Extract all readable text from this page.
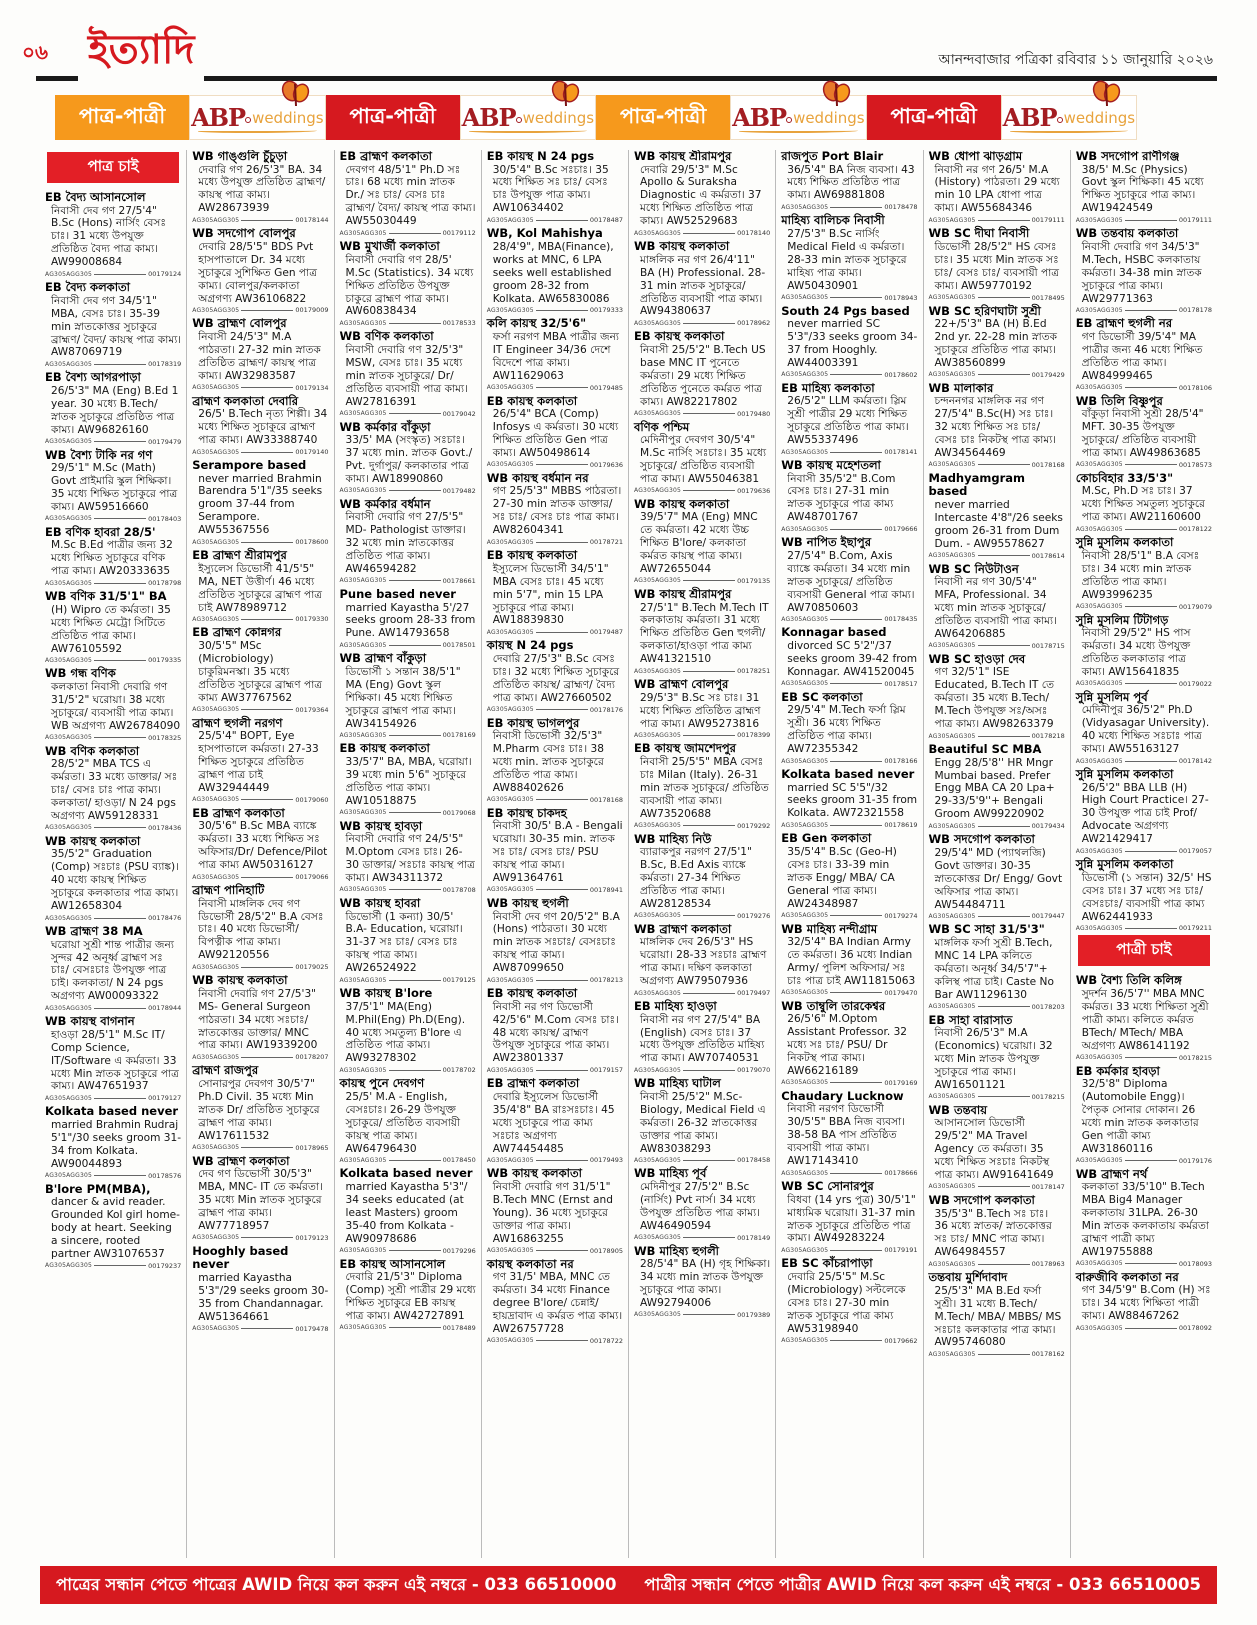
০৬ ইত্যাদি	আনন্দবাজার পত্রিকা রবিবার ১১ জানুয়ারি ২০২৬
পাত্র-পাত্রী ABP weddings পাত্র-পাত্রী ABP weddings পাত্র-পাত্রী ABP weddings পাত্র-পাত্রী ABP weddings
পাত্র চাই
EB বৈদ্য আসানসোল

নিবাসী দেব গণ 27/5'4" B.Sc (Hons) নার্সিং বেসঃ চাঃ। 31 মধ্যে উপযুক্ত প্রতিষ্ঠিত বৈদ্য পাত্র কাম্য। AW99008684

AG305AGG305	00179124
EB বৈদ্য কলকাতা

নিবাসী দেব গণ 34/5'1" MBA, বেসঃ চাঃ। 35-39 min স্নাতকোত্তর সুচাকুরে ব্রাহ্মণ/ বৈদ্য/ কায়স্থ পাত্র কাম্য। AW87069719

AG305AGG305	00178319
EB বৈশ্য আগরপাড়া

26/5'3" MA (Eng) B.Ed 1 year. 30 মধ্যে B.Tech/ স্নাতক সুচাকুরে প্রতিষ্ঠিত পাত্র কাম্য। AW96826160

AG305AGG305	00179479
WB বৈশ্য টাকি নর গণ

29/5'1" M.Sc (Math) Govt প্রাইমারি স্কুল শিক্ষিকা। 35 মধ্যে শিক্ষিত সুচাকুরে পাত্র কাম্য। AW59516660

AG305AGG305	00178403
EB বণিক হাবরা 28/5'

M.Sc B.Ed পাত্রীর জন্য 32 মধ্যে শিক্ষিত সুচাকুরে বণিক পাত্র কাম্য। AW20333635

AG305AGG305	00178798
WB বণিক 31/5'1" BA

(H) Wipro তে কর্মরতা। 35 মধ্যে শিক্ষিত মেট্রো সিটিতে প্রতিষ্ঠিত পাত্র কাম্য। AW76105592

AG305AGG305	00179335
WB গন্ধ বণিক

কলকাতা নিবাসী দেবারি গণ 31/5'2" ঘরোয়া। 38 মধ্যে সুচাকুরে/ ব্যবসায়ী পাত্র কাম্য। WB অগ্রগণ্য AW26784090

AG305AGG305	00178325
WB বণিক কলকাতা

28/5'2" MBA TCS এ কর্মরতা। 33 মধ্যে ডাক্তার/ সঃ চাঃ/ বেসঃ চাঃ পাত্র কাম্য। কলকাতা/ হাওড়া/ N 24 pgs অগ্রগণ্য AW59128331

AG305AGG305	00178436
WB কায়স্থ কলকাতা

35/5'2" Graduation (Comp) সঃচাঃ (PSU ব্যাঙ্ক)। 40 মধ্যে কায়স্থ শিক্ষিত সুচাকুরে কলকাতার পাত্র কাম্য। AW12658304

AG305AGG305	00178476
WB ব্রাহ্মণ 38 MA

ঘরোয়া সুশ্রী শান্ত পাত্রীর জন্য সুন্দর 42 অনূর্ধ্ব ব্রাহ্মণ সঃ চাঃ/ বেসঃচাঃ উপযুক্ত পাত্র চাই। কলকাতা/ N 24 pgs অগ্রগণ্য AW00093322

AG305AGG305	00178944
WB কায়স্থ বাগনান

হাওড়া 28/5'1" M.Sc IT/ Comp Science, IT/Software এ কর্মরতা। 33 মধ্যে Min স্নাতক সুচাকুরে পাত্র কাম্য। AW47651937

AG305AGG305	00179127
Kolkata based never

married Brahmin Rudraj 5'1"/30 seeks groom 31-34 from Kolkata. AW90044893

AG305AGG305	00178576
B'lore PM(MBA),

dancer & avid reader. Grounded Kol girl home-body at heart. Seeking a sincere, rooted partner AW31076537

AG305AGG305	00179237
WB গাঙ্গুলি চুঁচুড়া

দেবারি গণ 26/5'3" BA. 34 মধ্যে উপযুক্ত প্রতিষ্ঠিত ব্রাহ্মণ/ কায়স্থ পাত্র কাম্য। AW28673939

AG305AGG305	00178144
WB সদগোপ বোলপুর

দেবারি 28/5'5" BDS Pvt হাসপাতালে Dr. 34 মধ্যে সুচাকুরে সুশিক্ষিত Gen পাত্র কাম্য। বোলপুর/কলকাতা অগ্রগণ্য AW36106822

AG305AGG305	00179009
WB ব্রাহ্মণ বোলপুর

নিবাসী 24/5'3" M.A পাঠরতা। 27-32 min স্নাতক প্রতিষ্ঠিত ব্রাহ্মণ/ কায়স্থ পাত্র কাম্য। AW32983587

AG305AGG305	00179134
ব্রাহ্মণ কলকাতা দেবারি

26/5' B.Tech নৃত্য শিল্পী। 34 মধ্যে শিক্ষিত সুচাকুরে ব্রাহ্মণ পাত্র কাম্য। AW33388740

AG305AGG305	00179140
Serampore based

never married Brahmin Barendra 5'1"/35 seeks groom 37-44 from Serampore. AW55367556

AG305AGG305	00178600
EB ব্রাহ্মণ শ্রীরামপুর

ইস্যুলেস ডিভোর্সী 41/5'5" MA, NET উত্তীর্ণ। 46 মধ্যে প্রতিষ্ঠিত সুচাকুরে ব্রাহ্মণ পাত্র চাই AW78989712

AG305AGG305	00179330
EB ব্রাহ্মণ কোন্নগর

30/5'5" MSc (Microbiology) চাকুরিমনস্কা। 35 মধ্যে প্রতিষ্ঠিত সুচাকুরে ব্রাহ্মণ পাত্র কাম্য AW37767562

AG305AGG305	00179364
ব্রাহ্মণ হুগলী নরগণ

25/5'4" BOPT, Eye হাসপাতালে কর্মরতা। 27-33 শিক্ষিত সুচাকুরে প্রতিষ্ঠিত ব্রাহ্মণ পাত্র চাই AW32944449

AG305AGG305	00179060
EB ব্রাহ্মণ কলকাতা

30/5'6" B.Sc MBA ব্যাঙ্কে কর্মরতা। 33 মধ্যে শিক্ষিত সঃ অফিসার/Dr/ Defence/Pilot পাত্র কাম্য AW50316127

AG305AGG305	00179066
ব্রাহ্মণ পানিহাটি

নিবাসী মাঙ্গলিক দেব গণ ডিভোর্সী 28/5'2" B.A বেসঃ চাঃ। 40 মধ্যে ডিভোর্সী/ বিপত্নীক পাত্র কাম্য। AW92120556

AG305AGG305	00179025
WB কায়স্থ কলকাতা

নিবাসী দেবারি গণ 27/5'3" MS- General Surgeon পাঠরতা। 34 মধ্যে সঃচাঃ/স্নাতকোত্তর ডাক্তার/ MNC পাত্র কাম্য। AW19339200

AG305AGG305	00178207
ব্রাহ্মণ রাজপুর

সোনারপুর দেবগণ 30/5'7" Ph.D Civil. 35 মধ্যে Min স্নাতক Dr/ প্রতিষ্ঠিত সুচাকুরে ব্রাহ্মণ পাত্র কাম্য। AW17611532

AG305AGG305	00178965
WB ব্রাহ্মণ কলকাতা

দেব গণ ডিভোর্সী 30/5'3" MBA, MNC- IT তে কর্মরতা। 35 মধ্যে Min স্নাতক সুচাকুরে ব্রাহ্মণ পাত্র কাম্য।AW77718957

AG305AGG305	00179123
Hooghly based never

married Kayastha 5'3"/29 seeks groom 30-35 from Chandannagar. AW51364661

AG305AGG305	00179478
EB ব্রাহ্মণ কলকাতা

দেবগণ 48/5'1" Ph.D সঃ চাঃ। 68 মধ্যে min স্নাতক Dr./ সঃ চাঃ/ বেসঃ চাঃ ব্রাহ্মণ/ বৈদ্য/ কায়স্থ পাত্র কাম্য। AW55030449

AG305AGG305	00179112
WB মুখার্জী কলকাতা

নিবাসী দেবারি গণ 28/5' M.Sc (Statistics). 34 মধ্যে শিক্ষিত প্রতিষ্ঠিত উপযুক্ত চাকুরে ব্রাহ্মণ পাত্র কাম্য। AW60838434

AG305AGG305	00178533
WB বণিক কলকাতা

নিবাসী দেবারি গণ 32/5'3" MSW, বেসঃ চাঃ। 35 মধ্যে min স্নাতক সুচাকুরে/ Dr/ প্রতিষ্ঠিত ব্যবসায়ী পাত্র কাম্য। AW27816391

AG305AGG305	00179042
WB কর্মকার বাঁকুড়া

33/5' MA (সংস্কৃত) সঃচাঃ। 37 মধ্যে min. স্নাতক Govt./ Pvt. দুর্গাপুর/ কলকাতার পাত্র কাম্য। AW18990860

AG305AGG305	00179482
WB কর্মকার বর্ধমান

নিবাসী দেবারি গণ 27/5'5" MD- Pathologist ডাক্তার। 32 মধ্যে min স্নাতকোত্তর প্রতিষ্ঠিত পাত্র কাম্য। AW46594282

AG305AGG305	00178661
Pune based never

married Kayastha 5'/27 seeks groom 28-33 from Pune. AW14793658

AG305AGG305	00178501
WB ব্রাহ্মণ বাঁকুড়া

ডিভোর্সী ১ সন্তান 38/5'1" MA (Eng) Govt স্কুল শিক্ষিকা। 45 মধ্যে শিক্ষিত সুচাকুরে ব্রাহ্মণ পাত্র কাম্য। AW34154926

AG305AGG305	00178169
EB কায়স্থ কলকাতা

33/5'7" BA, MBA, ঘরোয়া। 39 মধ্যে min 5'6" সুচাকুরে প্রতিষ্ঠিত পাত্র কাম্য। AW10518875

AG305AGG305	00179068
WB কায়স্থ হাবড়া

নিবাসী দেবারি গণ 24/5'5" M.Optom বেসঃ চাঃ। 26-30 ডাক্তার/ সঃচাঃ কায়স্থ পাত্র কাম্য। AW34311372

AG305AGG305	00178708
WB কায়স্থ হাবরা

ডিভোর্সী (1 কন্যা) 30/5' B.A- Education, ঘরোয়া। 31-37 সঃ চাঃ/ বেসঃ চাঃ কায়স্থ পাত্র কাম্য। AW26524922

AG305AGG305	00179125
WB কায়স্থ B'lore

37/5'1" MA(Eng) M.Phil(Eng) Ph.D(Eng). 40 মধ্যে সমতুল্য B'lore এ প্রতিষ্ঠিত পাত্র কাম্য। AW93278302

AG305AGG305	00178702
কায়স্থ পুনে দেবগণ

25/5' M.A - English, বেসঃচাঃ। 26-29 উপযুক্ত সুচাকুরে/ প্রতিষ্ঠিত ব্যবসায়ী কায়স্থ পাত্র কাম্য। AW64796430

AG305AGG305	00178450
Kolkata based never

married Kayastha 5'3"/ 34 seeks educated (at least Masters) groom 35-40 from Kolkata - AW90978686

AG305AGG305	00179296
EB কায়স্থ আসানসোল

দেবারি 21/5'3" Diploma (Comp) সুশ্রী পাত্রীর 29 মধ্যে শিক্ষিত সুচাকুরে EB কায়স্থ পাত্র কাম্য। AW42727891

AG305AGG305	00178489
EB কায়স্থ N 24 pgs

30/5'4" B.Sc সঃচাঃ। 35 মধ্যে শিক্ষিত সঃ চাঃ/ বেসঃ চাঃ উপযুক্ত পাত্র কাম্য। AW10634402

AG305AGG305	00178487
WB, Kol Mahishya

28/4'9", MBA(Finance), works at MNC, 6 LPA seeks well established groom 28-32 from Kolkata. AW65830086

AG305AGG305	00179333
কলি কায়স্থ 32/5'6"

ফর্সা নরগণ MBA পাত্রীর জন্য IT Engineer 34/36 দেশে বিদেশে পাত্র কাম্য। AW11629063

AG305AGG305	00179485
EB কায়স্থ কলকাতা

26/5'4" BCA (Comp) Infosys এ কর্মরতা। 30 মধ্যে শিক্ষিত প্রতিষ্ঠিত Gen পাত্র কাম্য। AW50498614

AG305AGG305	00179636
WB কায়স্থ বর্ধমান নর

গণ 25/5'3" MBBS পাঠরতা। 27-30 min স্নাতক ডাক্তার/ সঃ চাঃ/ বেসঃ চাঃ পাত্র কাম্য। AW82604341

AG305AGG305	00178721
EB কায়স্থ কলকাতা

ইস্যুলেস ডিভোর্সী 34/5'1" MBA বেসঃ চাঃ। 45 মধ্যে min 5'7", min 15 LPA সুচাকুরে পাত্র কাম্য। AW18839830

AG305AGG305	00179487
কায়স্থ N 24 pgs

দেবারি 27/5'3" B.Sc বেসঃ চাঃ। 32 মধ্যে শিক্ষিত সুচাকুরে প্রতিষ্ঠিত কায়স্থ/ ব্রাহ্মণ/ বৈদ্য পাত্র কাম্য। AW27660502

AG305AGG305	00178176
EB কায়স্থ ভাগলপুর

নিবাসী ডিভোর্সী 32/5'3" M.Pharm বেসঃ চাঃ। 38 মধ্যে min. স্নাতক সুচাকুরে প্রতিষ্ঠিত পাত্র কাম্য। AW88402626

AG305AGG305	00178168
EB কায়স্থ চাকদহ

নিবাসী 30/5' B.A - Bengali ঘরোয়া। 30-35 min. স্নাতক সঃ চাঃ/ বেসঃ চাঃ/ PSU কায়স্থ পাত্র কাম্য। AW91364761

AG305AGG305	00178941
WB কায়স্থ হুগলী

নিবাসী দেব গণ 20/5'2" B.A (Hons) পাঠরতা। 30 মধ্যে min স্নাতক সঃচাঃ/ বেসঃচাঃ কায়স্থ পাত্র কাম্য। AW87099650

AG305AGG305	00178213
EB কায়স্থ কলকাতা

নিবাসী নর গণ ডিভোর্সী 42/5'6" M.Com বেসঃ চাঃ। 48 মধ্যে কায়স্থ/ ব্রাহ্মণ উপযুক্ত সুচাকুরে পাত্র কাম্য। AW23801337

AG305AGG305	00179157
EB ব্রাহ্মণ কলকাতা

দেবারি ইস্যুলেস ডিভোর্সী 35/4'8" BA রাঃসঃচাঃ। 45 মধ্যে সুচাকুরে পাত্র কাম্য সঃচাঃ অগ্রগণ্য AW74454485

AG305AGG305	00179493
WB কায়স্থ কলকাতা

নিবাসী দেবারি গণ 31/5'1" B.Tech MNC (Ernst and Young). 36 মধ্যে সুচাকুরে ডাক্তার পাত্র কাম্য। AW16863255

AG305AGG305	00178905
কায়স্থ কলকাতা নর

গণ 31/5' MBA, MNC তে কর্মরতা। 34 মধ্যে Finance degree B'lore/ চেন্নাই/ হায়দ্রাবাদ এ কর্মরত পাত্র কাম্য। AW26757728

AG305AGG305	00178722
WB কায়স্থ শ্রীরামপুর

দেবারি 29/5'3" M.Sc Apollo & Suraksha Diagnostic এ কর্মরতা। 37 মধ্যে শিক্ষিত প্রতিষ্ঠিত পাত্র কাম্য। AW52529683

AG305AGG305	00178140
WB কায়স্থ কলকাতা

মাঙ্গলিক নর গণ 26/4'11" BA (H) Professional. 28-31 min স্নাতক সুচাকুরে/ প্রতিষ্ঠিত ব্যবসায়ী পাত্র কাম্য। AW94380637

AG305AGG305	00178962
EB কায়স্থ কলকাতা

নিবাসী 25/5'2" B.Tech US base MNC IT পুনেতে কর্মরতা। 29 মধ্যে শিক্ষিত প্রতিষ্ঠিত পুনেতে কর্মরত পাত্র কাম্য। AW82217802

AG305AGG305	00179480
বণিক পশ্চিম

মেদিনীপুর দেবগণ 30/5'4" M.Sc নার্সিং সঃচাঃ। 35 মধ্যে সুচাকুরে/ প্রতিষ্ঠিত ব্যবসায়ী পাত্র কাম্য। AW55046381

AG305AGG305	00179636
WB কায়স্থ কলকাতা

39/5'7" MA (Eng) MNC তে কর্মরতা। 42 মধ্যে উচ্চ শিক্ষিত B'lore/ কলকাতা কর্মরত কায়স্থ পাত্র কাম্য। AW72655044

AG305AGG305	00179135
WB কায়স্থ শ্রীরামপুর

27/5'1" B.Tech M.Tech IT কলকাতায় কর্মরতা। 31 মধ্যে শিক্ষিত প্রতিষ্ঠিত Gen হুগলী/কলকাতা/হাওড়া পাত্র কাম্য AW41321510

AG305AGG305	00178251
WB ব্রাহ্মণ বোলপুর

29/5'3" B.Sc সঃ চাঃ। 31 মধ্যে শিক্ষিত প্রতিষ্ঠিত ব্রাহ্মণ পাত্র কাম্য। AW95273816

AG305AGG305	00178399
EB কায়স্থ জামশেদপুর

নিবাসী 25/5'5" MBA বেসঃ চাঃ Milan (Italy). 26-31 min স্নাতক সুচাকুরে/ প্রতিষ্ঠিত ব্যবসায়ী পাত্র কাম্য। AW73520688

AG305AGG305	00179292
WB মাহিষ্য নিউ

ব্যারাকপুর নরগণ 27/5'1" B.Sc, B.Ed Axis ব্যাঙ্কে কর্মরতা। 27-34 শিক্ষিত প্রতিষ্ঠিত পাত্র কাম্য। AW28128534

AG305AGG305	00179276
WB ব্রাহ্মণ কলকাতা

মাঙ্গলিক দেব 26/5'3" HS ঘরোয়া। 28-33 সঃচাঃ ব্রাহ্মণ পাত্র কাম্য। দক্ষিণ কলকাতা অগ্রগণ্য AW79507936

AG305AGG305	00179497
EB মাহিষ্য হাওড়া

নিবাসী নর গণ 27/5'4" BA (English) বেসঃ চাঃ। 37 মধ্যে উপযুক্ত প্রতিষ্ঠিত মাহিষ্য পাত্র কাম্য। AW70740531

AG305AGG305	00179070
WB মাহিষ্য ঘাটাল

নিবাসী 25/5'2" M.Sc- Biology, Medical Field এ কর্মরতা। 26-32 স্নাতকোত্তর ডাক্তার পাত্র কাম্য। AW83038293

AG305AGG305	00178458
WB মাহিষ্য পূর্ব

মেদিনীপুর 27/5'2" B.Sc (নার্সিং) Pvt নার্স। 34 মধ্যে উপযুক্ত প্রতিষ্ঠিত পাত্র কাম্য। AW46490594

AG305AGG305	00178149
WB মাহিষ্য হুগলী

28/5'4" BA (H) গৃহ শিক্ষিকা। 34 মধ্যে min স্নাতক উপযুক্ত সুচাকুরে পাত্র কাম্য। AW92794006

AG305AGG305	00179389
রাজপুত Port Blair

36/5'4" BA নিজ ব্যবসা। 43 মধ্যে শিক্ষিত প্রতিষ্ঠিত পাত্র কাম্য। AW69881808

AG305AGG305	00178478
মাহিষ্য বালিচক নিবাসী

27/5'3" B.Sc নার্সিং Medical Field এ কর্মরতা। 28-33 min স্নাতক সুচাকুরে মাহিষ্য পাত্র কাম্য। AW50430901

AG305AGG305	00178943
South 24 Pgs based

never married SC 5'3"/33 seeks groom 34-37 from Hooghly. AW44003391

AG305AGG305	00178602
EB মাহিষ্য কলকাতা

26/5'2" LLM কর্মরতা। স্লিম সুশ্রী পাত্রীর 29 মধ্যে শিক্ষিত সুচাকুরে প্রতিষ্ঠিত পাত্র কাম্য। AW55337496

AG305AGG305	00178141
WB কায়স্থ মহেশতলা

নিবাসী 35/5'2" B.Com বেসঃ চাঃ। 27-31 min স্নাতক সুচাকুরে পাত্র কাম্য AW48701767

AG305AGG305	00179666
WB নাপিত ইছাপুর

27/5'4" B.Com, Axis ব্যাঙ্কে কর্মরতা। 34 মধ্যে min স্নাতক সুচাকুরে/ প্রতিষ্ঠিত ব্যবসায়ী General পাত্র কাম্য। AW70850603

AG305AGG305	00178435
Konnagar based

divorced SC 5'2"/37 seeks groom 39-42 from Konnagar. AW41520045

AG305AGG305	00178517
EB SC কলকাতা

29/5'4" M.Tech ফর্সা স্লিম সুশ্রী। 36 মধ্যে শিক্ষিত প্রতিষ্ঠিত পাত্র কাম্য। AW72355342

AG305AGG305	00178166
Kolkata based never

married SC 5'5"/32 seeks groom 31-35 from Kolkata. AW72321558

AG305AGG305	00178619
EB Gen কলকাতা

35/5'4" B.Sc (Geo-H) বেসঃ চাঃ। 33-39 min স্নাতক Engg/ MBA/ CA General পাত্র কাম্য। AW24348987

AG305AGG305	00179274
WB মাহিষ্য নন্দীগ্রাম

32/5'4" BA Indian Army তে কর্মরতা। 36 মধ্যে Indian Army/ পুলিশ অফিসার/ সঃ চাঃ পাত্র চাই AW11815063

AG305AGG305	00179470
WB তাম্বুলি তারকেশ্বর

26/5'6" M.Optom Assistant Professor. 32 মধ্যে সঃ চাঃ/ PSU/ Dr নিকটস্থ পাত্র কাম্য। AW66216189

AG305AGG305	00179169
Chaudary Lucknow

নিবাসী নরগণ ডিভোর্সী 30/5'5" BBA নিজ ব্যবসা। 38-58 BA পাস প্রতিষ্ঠিত ব্যবসায়ী পাত্র কাম্য। AW17143410

AG305AGG305	00178666
WB SC সোনারপুর

বিধবা (14 yrs পুত্র) 30/5'1" মাধ্যমিক ঘরোয়া। 31-37 min স্নাতক সুচাকুরে প্রতিষ্ঠিত পাত্র কাম্য। AW49283224

AG305AGG305	00179191
EB SC কাঁচরাপাড়া

দেবারি 25/5'5" M.Sc (Microbiology) সল্টলেকে বেসঃ চাঃ। 27-30 min স্নাতক সুচাকুরে পাত্র কাম্য AW53198940

AG305AGG305	00179662
WB ধোপা ঝাড়গ্রাম

নিবাসী নর গণ 26/5' M.A (History) পাঠরতা। 29 মধ্যে min 10 LPA ধোপা পাত্র কাম্য। AW55684346

AG305AGG305	00179111
WB SC দীঘা নিবাসী

ডিভোর্সী 28/5'2" HS বেসঃ চাঃ। 35 মধ্যে Min স্নাতক সঃ চাঃ/ বেসঃ চাঃ/ ব্যবসায়ী পাত্র কাম্য। AW59770192

AG305AGG305	00178495
WB SC হরিণঘাটা সুশ্রী

22+/5'3" BA (H) B.Ed 2nd yr. 22-28 min স্নাতক সুচাকুরে প্রতিষ্ঠিত পাত্র কাম্য। AW38560899

AG305AGG305	00179429
WB মালাকার

চন্দননগর মাঙ্গলিক নর গণ 27/5'4" B.Sc(H) সঃ চাঃ। 32 মধ্যে শিক্ষিত সঃ চাঃ/ বেসঃ চাঃ নিকটস্থ পাত্র কাম্য। AW34564469

AG305AGG305	00178168
Madhyamgram based

never married Intercaste 4'8"/26 seeks groom 26-31 from Dum Dum. - AW95578627

AG305AGG305	00178614
WB SC নিউটাওন

নিবাসী নর গণ 30/5'4" MFA, Professional. 34 মধ্যে min স্নাতক সুচাকুরে/ প্রতিষ্ঠিত ব্যবসায়ী পাত্র কাম্য। AW64206885

AG305AGG305	00178715
WB SC হাওড়া দেব

গণ 32/5'1" ISE Educated, B.Tech IT তে কর্মরতা। 35 মধ্যে B.Tech/ M.Tech উপযুক্ত সঃ/অসঃ পাত্র কাম্য। AW98263379

AG305AGG305	00178218
Beautiful SC MBA

Engg 28/5'8'' HR Mngr Mumbai based. Prefer Engg MBA CA 20 Lpa+ 29-33/5'9''+ Bengali Groom AW99220902

AG305AGG305	00179434
WB সদগোপ কলকাতা

29/5'4" MD (প্যাথলজি) Govt ডাক্তার। 30-35 স্নাতকোত্তর Dr/ Engg/ Govt অফিসার পাত্র কাম্য। AW54484711

AG305AGG305	00179447
WB SC সাহা 31/5'3"

মাঙ্গলিক ফর্সা সুশ্রী B.Tech, MNC 14 LPA কলিতে কর্মরতা। অনূর্ধ্ব 34/5'7"+ কলিস্থ পাত্র চাই। Caste No Bar AW11296130

AG305AGG305	00178203
EB সাহা বারাসাত

নিবাসী 26/5'3" M.A (Economics) ঘরোয়া। 32 মধ্যে Min স্নাতক উপযুক্ত সুচাকুরে পাত্র কাম্য। AW16501121

AG305AGG305	00178215
WB তন্তবায়

আসানসোল ডিভোর্সী 29/5'2" MA Travel Agency তে কর্মরতা। 35 মধ্যে শিক্ষিত সঃচাঃ নিকটস্থ পাত্র কাম্য। AW91641649

AG305AGG305	00178147
WB সদগোপ কলকাতা

35/5'3" B.Tech সঃ চাঃ। 36 মধ্যে স্নাতক/ স্নাতকোত্তর সঃ চাঃ/ MNC পাত্র কাম্য। AW64984557

AG305AGG305	00178963
তন্তবায় মুর্শিদাবাদ

25/5'3" MA B.Ed ফর্সা সুশ্রী। 31 মধ্যে B.Tech/ M.Tech/ MBA/ MBBS/ MS সঃচাঃ কলকাতার পাত্র কাম্য। AW95746080

AG305AGG305	00178162
WB সদগোপ রাণীগঞ্জ

38/5' M.Sc (Physics) Govt স্কুল শিক্ষিকা। 45 মধ্যে শিক্ষিত সুচাকুরে পাত্র কাম্য। AW19424549

AG305AGG305	00179111
WB তন্তবায় কলকাতা

নিবাসী দেবারি গণ 34/5'3" M.Tech, HSBC কলকাতায় কর্মরতা। 34-38 min স্নাতক সুচাকুরে পাত্র কাম্য। AW29771363

AG305AGG305	00178178
EB ব্রাহ্মণ হুগলী নর

গণ ডিভোর্সী 39/5'4" MA পাত্রীর জন্য 46 মধ্যে শিক্ষিত প্রতিষ্ঠিত পাত্র কাম্য। AW84999465

AG305AGG305	00178106
WB তিলি বিষ্ণুপুর

বাঁকুড়া নিবাসী সুশ্রী 28/5'4" MFT. 30-35 উপযুক্ত সুচাকুরে/ প্রতিষ্ঠিত ব্যবসায়ী পাত্র কাম্য। AW49863685

AG305AGG305	00178573
কোচবিহার 33/5'3"

M.Sc, Ph.D সঃ চাঃ। 37 মধ্যে শিক্ষিত সমতুল্য সুচাকুরে পাত্র কাম্য। AW21160600

AG305AGG305	00178122
সুন্নি মুসলিম কলকাতা

নিবাসী 28/5'1" B.A বেসঃ চাঃ। 34 মধ্যে min স্নাতক প্রতিষ্ঠিত পাত্র কাম্য। AW93996235

AG305AGG305	00179079
সুন্নি মুসলিম টিটাগড়

নিবাসী 29/5'2" HS পাস কর্মরতা। 34 মধ্যে উপযুক্ত প্রতিষ্ঠিত কলকাতার পাত্র কাম্য। AW15641835

AG305AGG305	00179022
সুন্নি মুসলিম পূর্ব

মেদিনীপুর 36/5'2" Ph.D (Vidyasagar University). 40 মধ্যে শিক্ষিত সঃচাঃ পাত্র কাম্য। AW55163127

AG305AGG305	00178142
সুন্নি মুসলিম কলকাতা

26/5'2" BBA LLB (H) High Court Practice। 27-30 উপযুক্ত পাত্র চাই Prof/ Advocate অগ্রগণ্য AW21429417

AG305AGG305	00179057
সুন্নি মুসলিম কলকাতা

ডিভোর্সী (১ সন্তান) 32/5' HS বেসঃ চাঃ। 37 মধ্যে সঃ চাঃ/ বেসঃচাঃ/ ব্যবসায়ী পাত্র কাম্য AW62441933

AG305AGG305	00179211
পাত্রী চাই
WB বৈশ্য তিলি কলিঙ্গ

সুদর্শন 36/5'7'' MBA MNC কর্মরত। 33 মধ্যে শিক্ষিতা সুশ্রী পাত্রী কাম্য। কলিতে কর্মরত BTech/ MTech/ MBA অগ্রগণ্য AW86141192

AG305AGG305	00178215
EB কর্মকার হাবড়া

32/5'8" Diploma (Automobile Engg)। পৈতৃক সোনার দোকান। 26 মধ্যে min স্নাতক কলকাতার Gen পাত্রী কাম্য AW31860116

AG305AGG305	00179176
WB ব্রাহ্মণ নর্থ

কলকাতা 33/5'10" B.Tech MBA Big4 Manager কলকাতায় 31LPA. 26-30 Min স্নাতক কলকাতায় কর্মরতা ব্রাহ্মণ পাত্রী কাম্য AW19755888

AG305AGG305	00178093
বারুজীবি কলকাতা নর

গণ 34/5'9" B.Com (H) সঃ চাঃ। 34 মধ্যে শিক্ষিতা পাত্রী কাম্য। AW88467262

AG305AGG305	00178092
পাত্রের সন্ধান পেতে পাত্রের AWID নিয়ে কল করুন এই নম্বরে - 033 66510000 পাত্রীর সন্ধান পেতে পাত্রীর AWID নিয়ে কল করুন এই নম্বরে - 033 66510005
